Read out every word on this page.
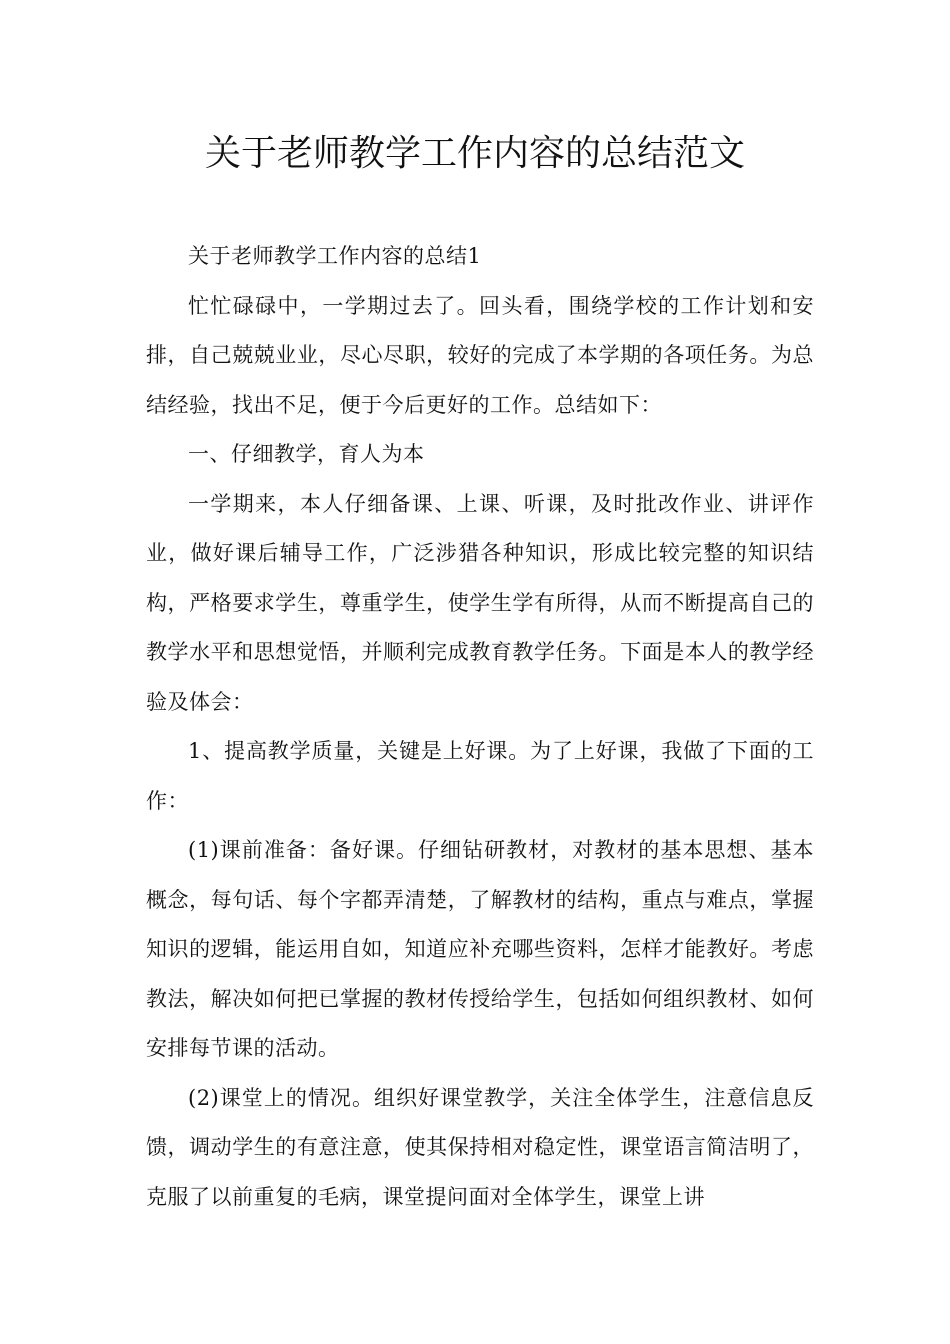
关于老师教学工作内容的总结范文

关于老师教学工作内容的总结1

忙忙碌碌中，一学期过去了。回头看，围绕学校的工作计划和安排，自己兢兢业业，尽心尽职，较好的完成了本学期的各项任务。为总结经验，找出不足，便于今后更好的工作。总结如下：

一、仔细教学，育人为本

一学期来，本人仔细备课、上课、听课，及时批改作业、讲评作业，做好课后辅导工作，广泛涉猎各种知识，形成比较完整的知识结构，严格要求学生，尊重学生，使学生学有所得，从而不断提高自己的教学水平和思想觉悟，并顺利完成教育教学任务。下面是本人的教学经验及体会：

1、提高教学质量，关键是上好课。为了上好课，我做了下面的工作：

(1)课前准备：备好课。仔细钻研教材，对教材的基本思想、基本概念，每句话、每个字都弄清楚，了解教材的结构，重点与难点，掌握知识的逻辑，能运用自如，知道应补充哪些资料，怎样才能教好。考虑教法，解决如何把已掌握的教材传授给学生，包括如何组织教材、如何安排每节课的活动。

(2)课堂上的情况。组织好课堂教学，关注全体学生，注意信息反馈，调动学生的有意注意，使其保持相对稳定性，课堂语言简洁明了，克服了以前重复的毛病，课堂提问面对全体学生，课堂上讲
